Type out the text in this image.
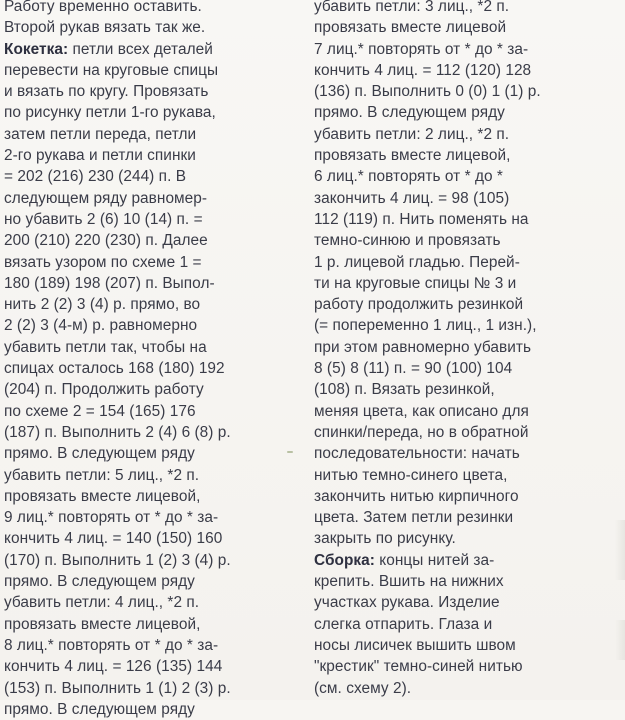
Работу временно оставить.
Второй рукав вязать так же.
Кокетка: петли всех деталей
перевести на круговые спицы
и вязать по кругу. Провязать
по рисунку петли 1-го рукава,
затем петли переда, петли
2-го рукава и петли спинки
= 202 (216) 230 (244) п. В
следующем ряду равномер-
но убавить 2 (6) 10 (14) п. =
200 (210) 220 (230) п. Далее
вязать узором по схеме 1 =
180 (189) 198 (207) п. Выпол-
нить 2 (2) 3 (4) р. прямо, во
2 (2) 3 (4-м) р. равномерно
убавить петли так, чтобы на
спицах осталось 168 (180) 192
(204) п. Продолжить работу
по схеме 2 = 154 (165) 176
(187) п. Выполнить 2 (4) 6 (8) р.
прямо. В следующем ряду
убавить петли: 5 лиц., *2 п.
провязать вместе лицевой,
9 лиц.* повторять от * до * за-
кончить 4 лиц. = 140 (150) 160
(170) п. Выполнить 1 (2) 3 (4) р.
прямо. В следующем ряду
убавить петли: 4 лиц., *2 п.
провязать вместе лицевой,
8 лиц.* повторять от * до * за-
кончить 4 лиц. = 126 (135) 144
(153) п. Выполнить 1 (1) 2 (3) р.
прямо. В следующем ряду
убавить петли: 3 лиц., *2 п.
провязать вместе лицевой
7 лиц.* повторять от * до * за-
кончить 4 лиц. = 112 (120) 128
(136) п. Выполнить 0 (0) 1 (1) р.
прямо. В следующем ряду
убавить петли: 2 лиц., *2 п.
провязать вместе лицевой,
6 лиц.* повторять от * до *
закончить 4 лиц. = 98 (105)
112 (119) п. Нить поменять на
темно-синюю и провязать
1 р. лицевой гладью. Перей-
ти на круговые спицы № 3 и
работу продолжить резинкой
(= попеременно 1 лиц., 1 изн.),
при этом равномерно убавить
8 (5) 8 (11) п. = 90 (100) 104
(108) п. Вязать резинкой,
меняя цвета, как описано для
спинки/переда, но в обратной
последовательности: начать
нитью темно-синего цвета,
закончить нитью кирпичного
цвета. Затем петли резинки
закрыть по рисунку.
Сборка: концы нитей за-
крепить. Вшить на нижних
участках рукава. Изделие
слегка отпарить. Глаза и
носы лисичек вышить швом
"крестик" темно-синей нитью
(см. схему 2).
